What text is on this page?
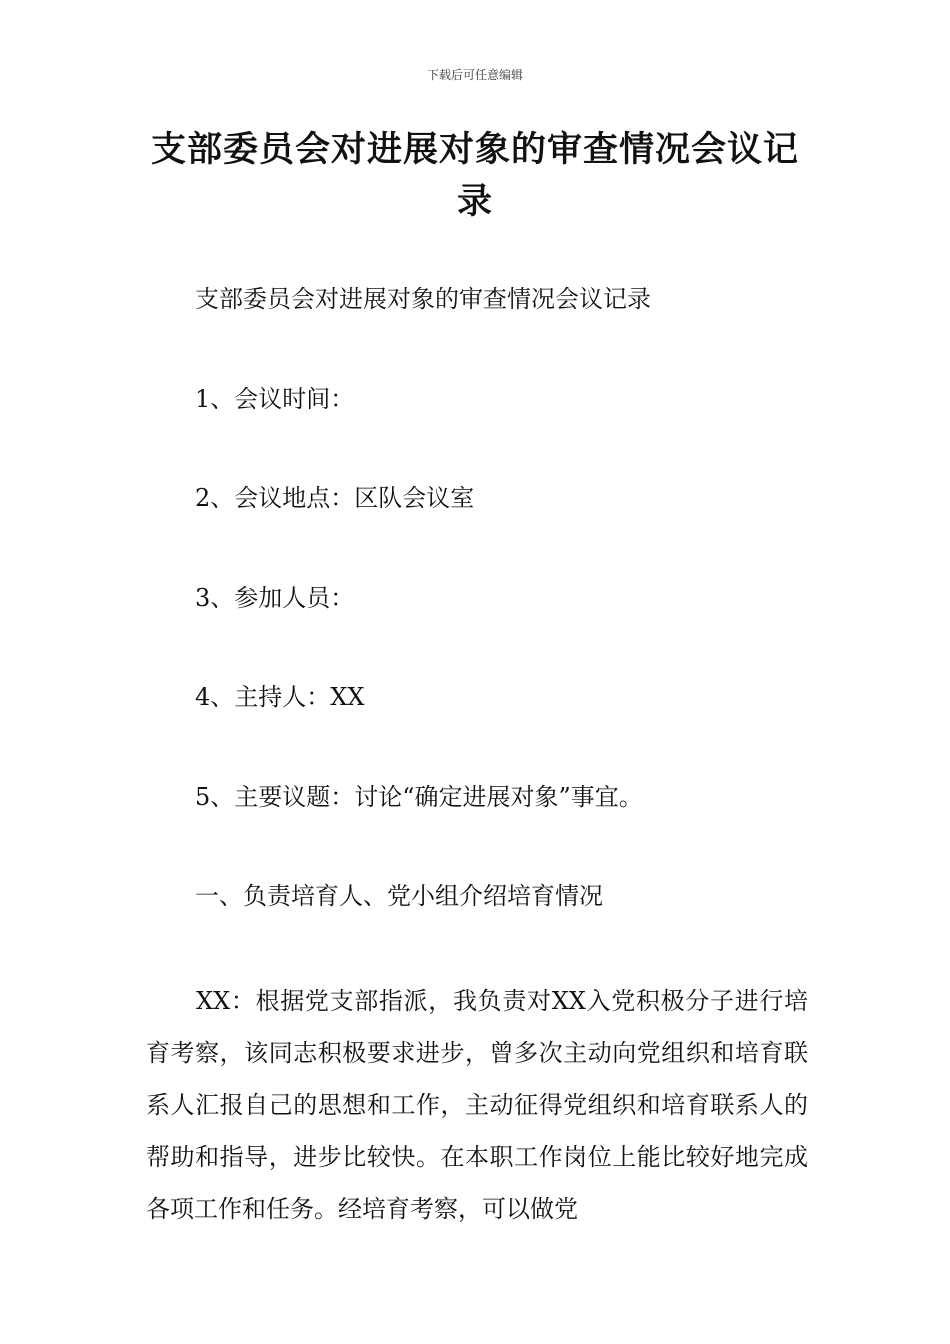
下载后可任意编辑
支部委员会对进展对象的审查情况会议记录
支部委员会对进展对象的审查情况会议记录
1、会议时间：
2、会议地点：区队会议室
3、参加人员：
4、主持人：XX
5、主要议题：讨论“确定进展对象”事宜。
一、负责培育人、党小组介绍培育情况

XX：根据党支部指派，我负责对XX入党积极分子进行培育考察，该同志积极要求进步，曾多次主动向党组织和培育联系人汇报自己的思想和工作，主动征得党组织和培育联系人的帮助和指导，进步比较快。在本职工作岗位上能比较好地完成各项工作和任务。经培育考察，可以做党
